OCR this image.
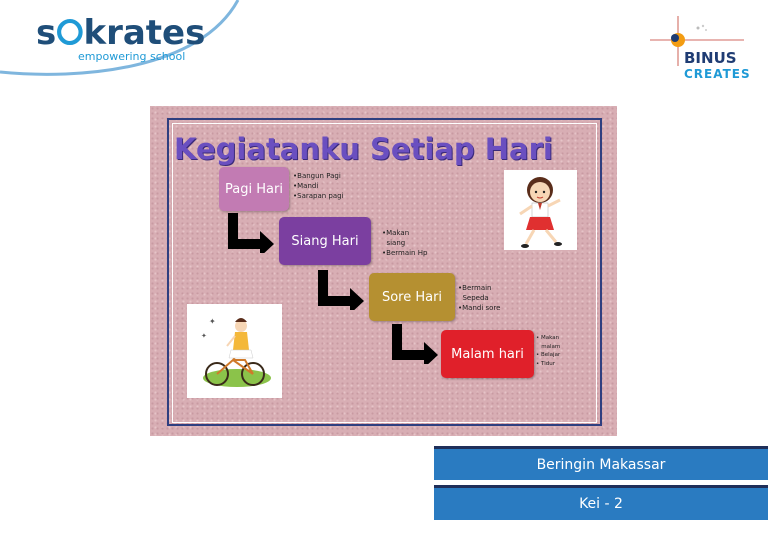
s⭘krates
empowering school	BINUS
CREATES
Kegiatanku Setiap Hari
Pagi Hari
•Bangun Pagi
•Mandi
•Sarapan pagi
Siang Hari
•Makan
siang
•Bermain Hp
Sore Hari
•Bermain
Sepeda
•Mandi sore
Malam hari
• Makan
malam
• Belajar
• Tidur
✦
✦
Beringin Makassar
Kei - 2
